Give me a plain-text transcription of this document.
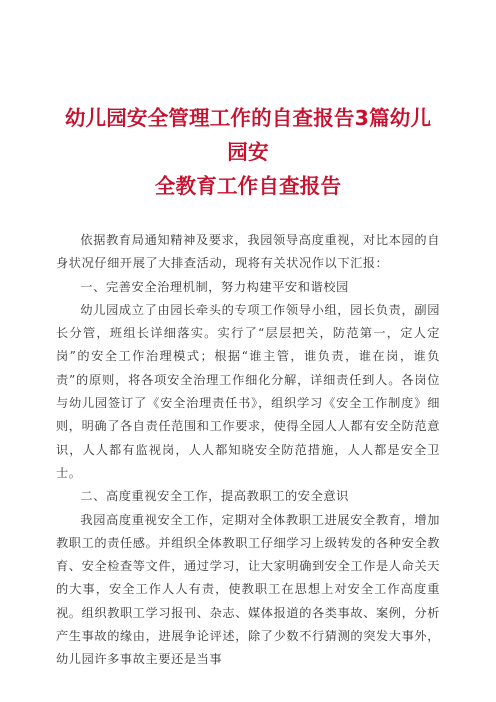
幼儿园安全管理工作的自查报告3篇幼儿园安
全教育工作自查报告

依据教育局通知精神及要求，我园领导高度重视，对比本园的自身状况仔细开展了大排查活动，现将有关状况作以下汇报：

一、完善安全治理机制，努力构建平安和谐校园

幼儿园成立了由园长牵头的专项工作领导小组，园长负责，副园长分管，班组长详细落实。实行了“层层把关，防范第一，定人定岗”的安全工作治理模式；根据“谁主管，谁负责，谁在岗，谁负责”的原则，将各项安全治理工作细化分解，详细责任到人。各岗位与幼儿园签订了《安全治理责任书》，组织学习《安全工作制度》细则，明确了各自责任范围和工作要求，使得全园人人都有安全防范意识，人人都有监视岗，人人都知晓安全防范措施，人人都是安全卫士。

二、高度重视安全工作，提高教职工的安全意识

我园高度重视安全工作，定期对全体教职工进展安全教育，增加教职工的责任感。并组织全体教职工仔细学习上级转发的各种安全教育、安全检查等文件，通过学习，让大家明确到安全工作是人命关天的大事，安全工作人人有责，使教职工在思想上对安全工作高度重视。组织教职工学习报刊、杂志、媒体报道的各类事故、案例，分析产生事故的缘由，进展争论评述，除了少数不行猜测的突发大事外，幼儿园许多事故主要还是当事
